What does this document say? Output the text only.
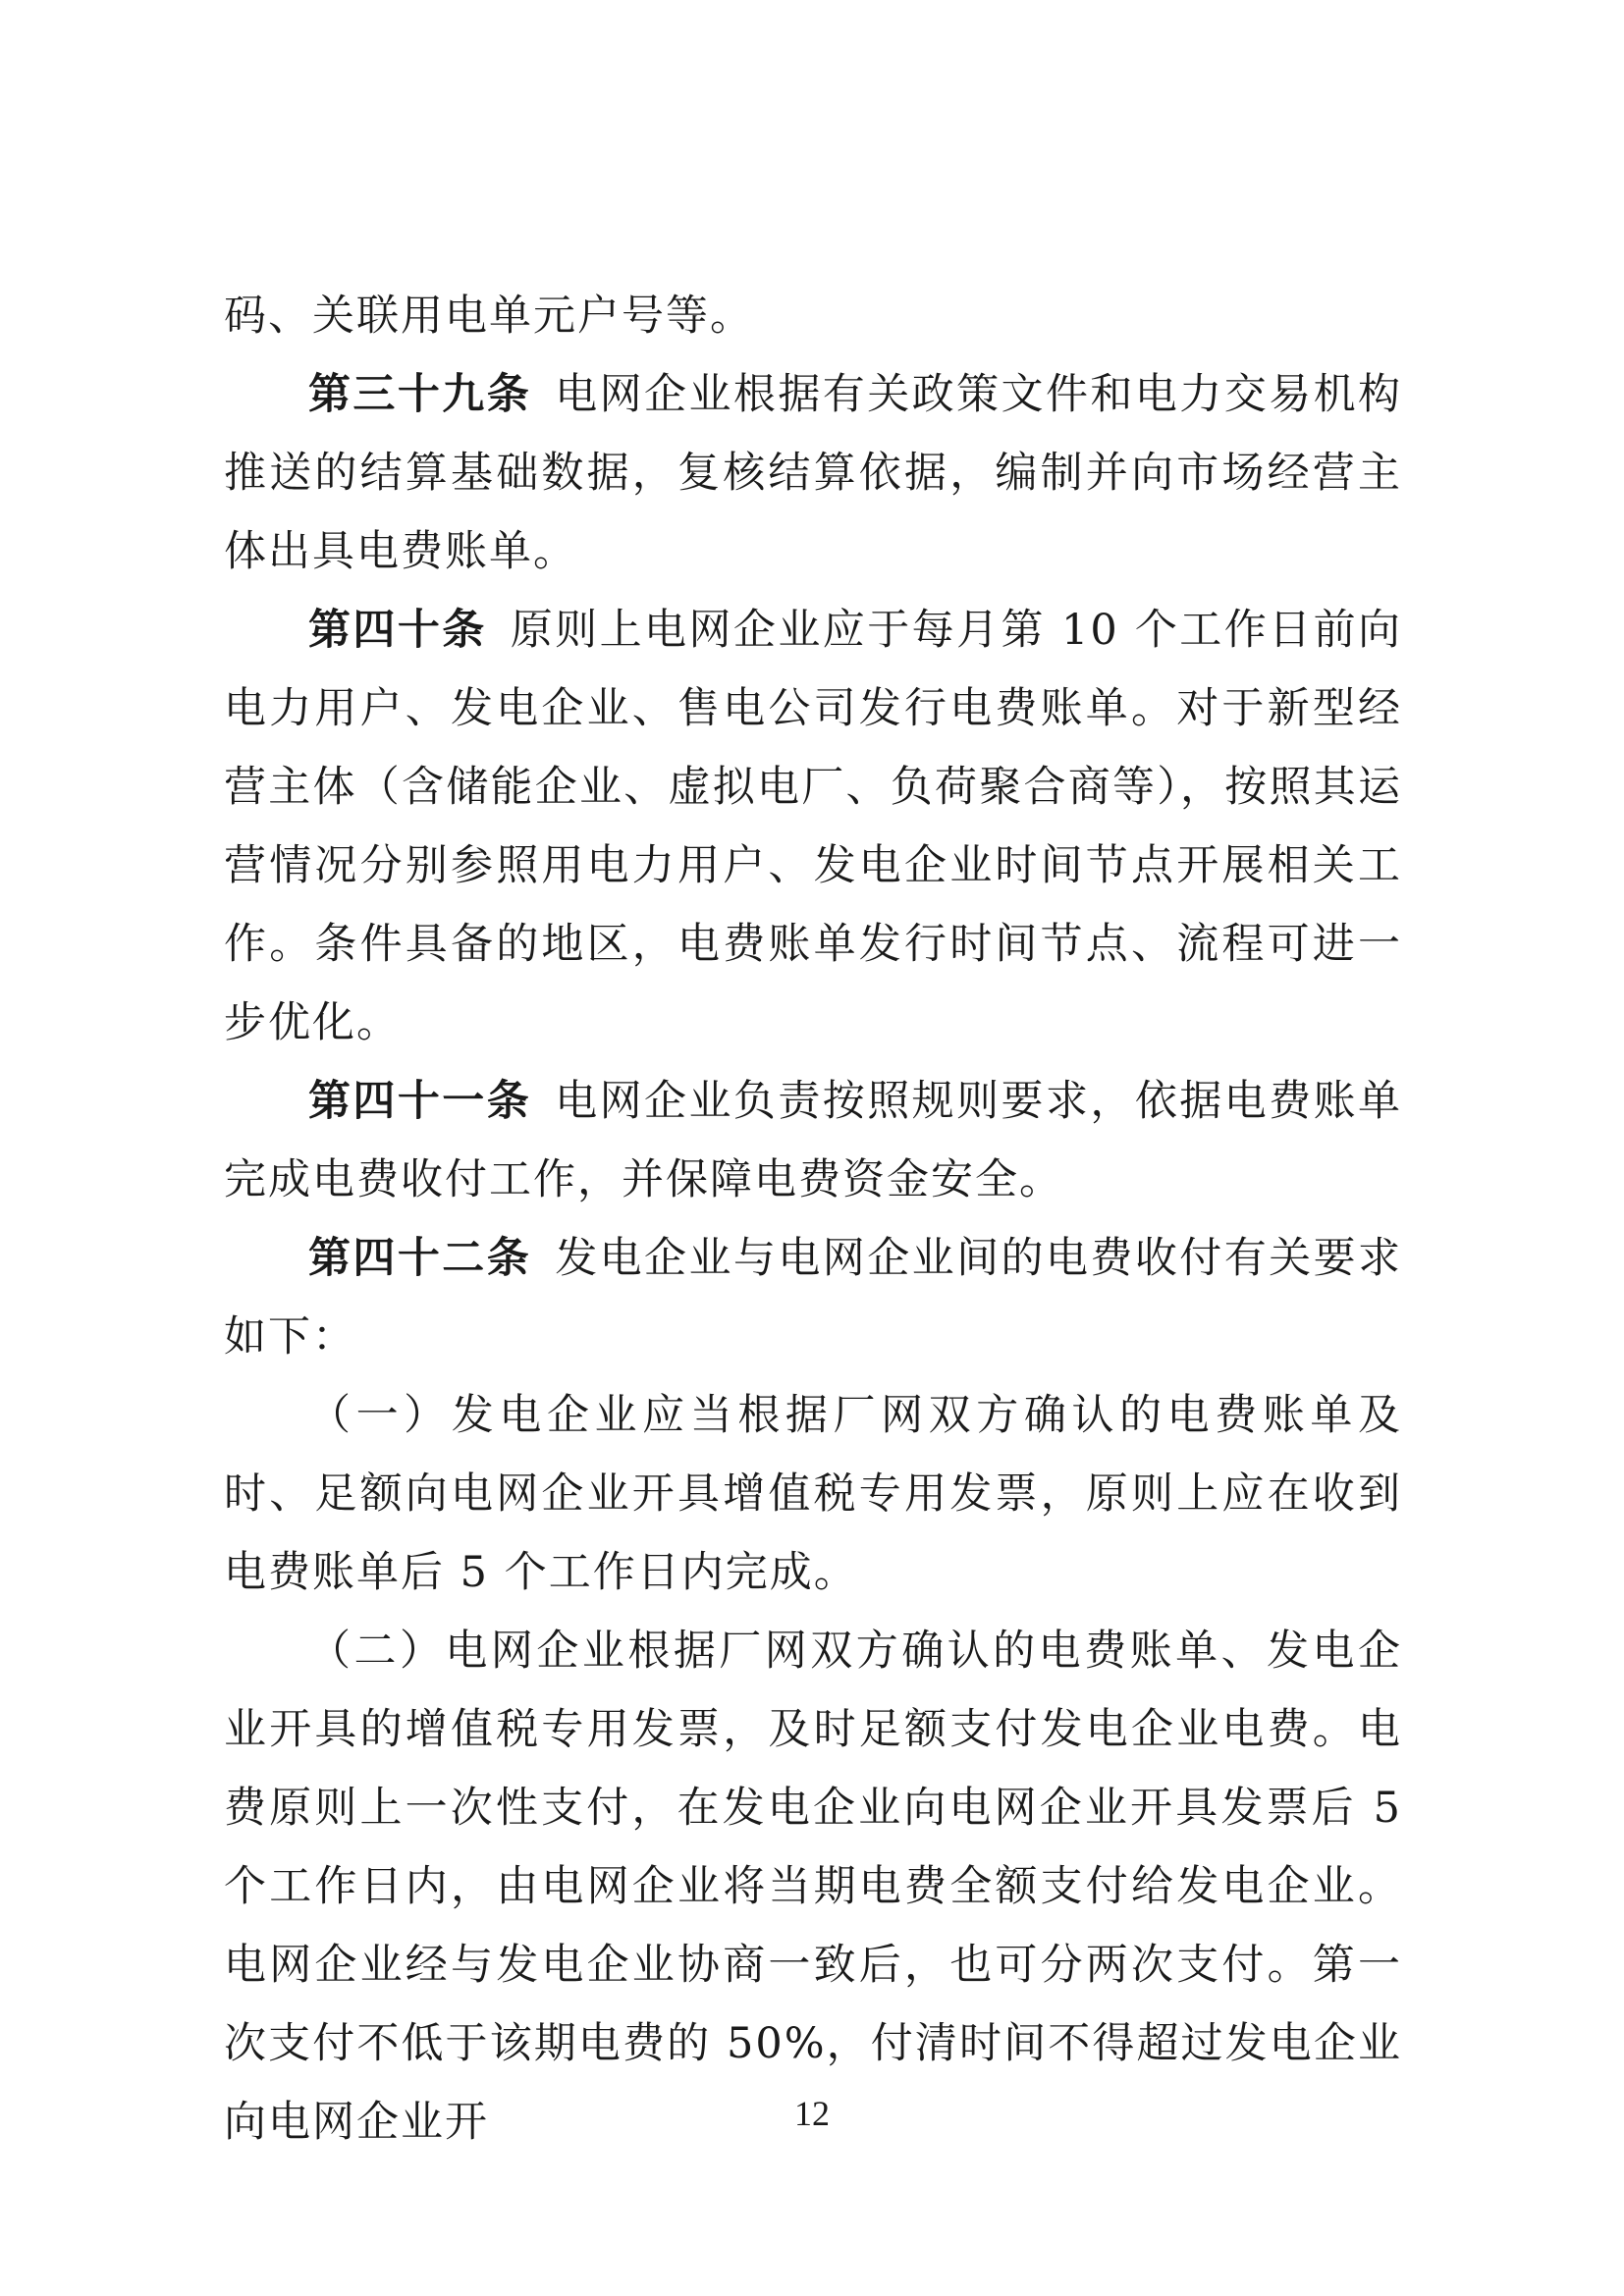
码、关联用电单元户号等。

第三十九条 电网企业根据有关政策文件和电力交易机构推送的结算基础数据，复核结算依据，编制并向市场经营主体出具电费账单。

第四十条 原则上电网企业应于每月第 10 个工作日前向电力用户、发电企业、售电公司发行电费账单。对于新型经营主体（含储能企业、虚拟电厂、负荷聚合商等），按照其运营情况分别参照用电力用户、发电企业时间节点开展相关工作。条件具备的地区，电费账单发行时间节点、流程可进一步优化。

第四十一条 电网企业负责按照规则要求，依据电费账单完成电费收付工作，并保障电费资金安全。

第四十二条 发电企业与电网企业间的电费收付有关要求如下：

（一）发电企业应当根据厂网双方确认的电费账单及时、足额向电网企业开具增值税专用发票，原则上应在收到电费账单后 5 个工作日内完成。

（二）电网企业根据厂网双方确认的电费账单、发电企业开具的增值税专用发票，及时足额支付发电企业电费。电费原则上一次性支付，在发电企业向电网企业开具发票后 5 个工作日内，由电网企业将当期电费全额支付给发电企业。电网企业经与发电企业协商一致后，也可分两次支付。第一次支付不低于该期电费的 50%，付清时间不得超过发电企业向电网企业开	12
